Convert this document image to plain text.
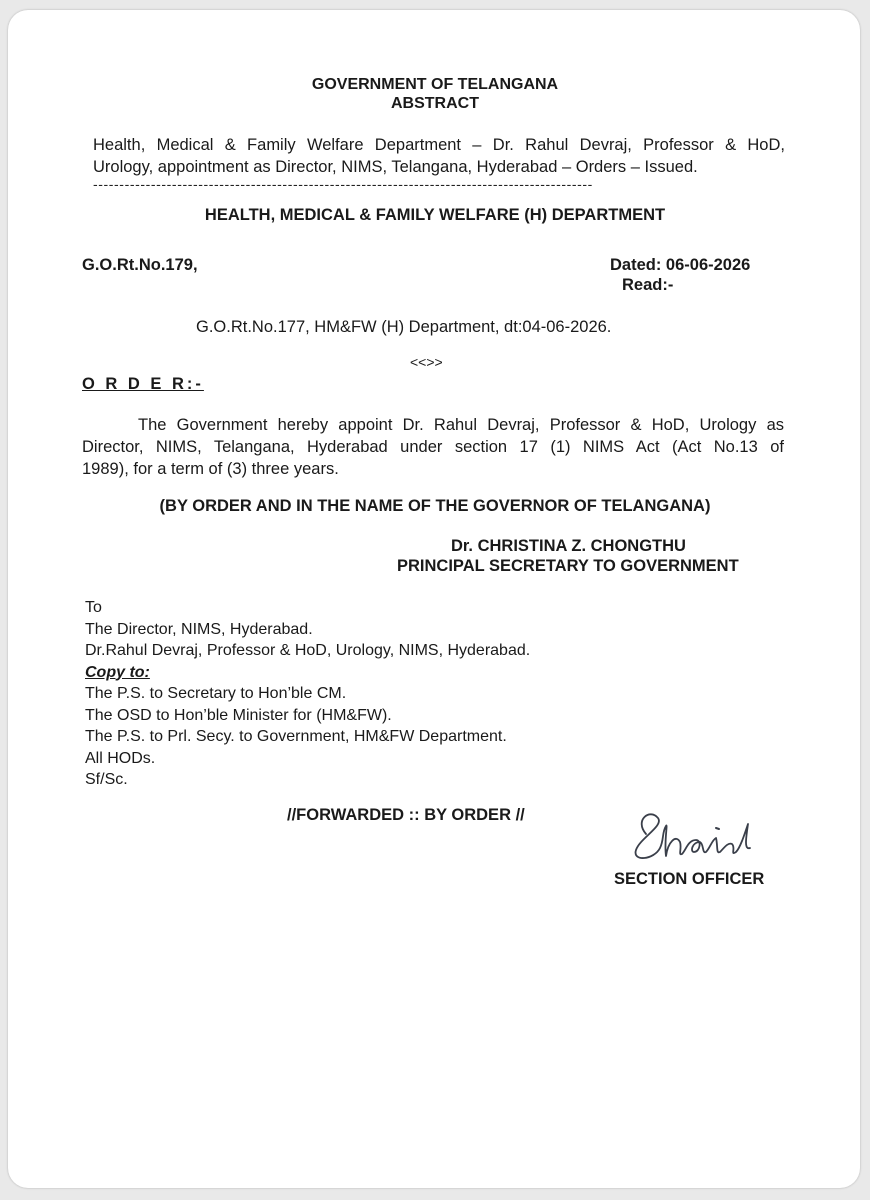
GOVERNMENT OF TELANGANA
ABSTRACT
Health, Medical & Family Welfare Department – Dr. Rahul Devraj, Professor & HoD,
Urology, appointment as Director, NIMS, Telangana, Hyderabad – Orders – Issued.
-----------------------------------------------------------------------------------------------
HEALTH, MEDICAL & FAMILY WELFARE (H) DEPARTMENT
G.O.Rt.No.179,	Dated: 06-06-2026
Read:-
G.O.Rt.No.177, HM&FW (H) Department, dt:04-06-2026.
<<>>
O R D E R:-
The Government hereby appoint Dr. Rahul Devraj, Professor & HoD, Urology as
Director, NIMS, Telangana, Hyderabad under section 17 (1) NIMS Act (Act No.13 of
1989), for a term of (3) three years.
(BY ORDER AND IN THE NAME OF THE GOVERNOR OF TELANGANA)
Dr. CHRISTINA Z. CHONGTHU
PRINCIPAL SECRETARY TO GOVERNMENT
To
The Director, NIMS, Hyderabad.
Dr.Rahul Devraj, Professor & HoD, Urology, NIMS, Hyderabad.
Copy to:
The P.S. to Secretary to Hon’ble CM.
The OSD to Hon’ble Minister for (HM&FW).
The P.S. to Prl. Secy. to Government, HM&FW Department.
All HODs.
Sf/Sc.
//FORWARDED :: BY ORDER //
SECTION OFFICER
